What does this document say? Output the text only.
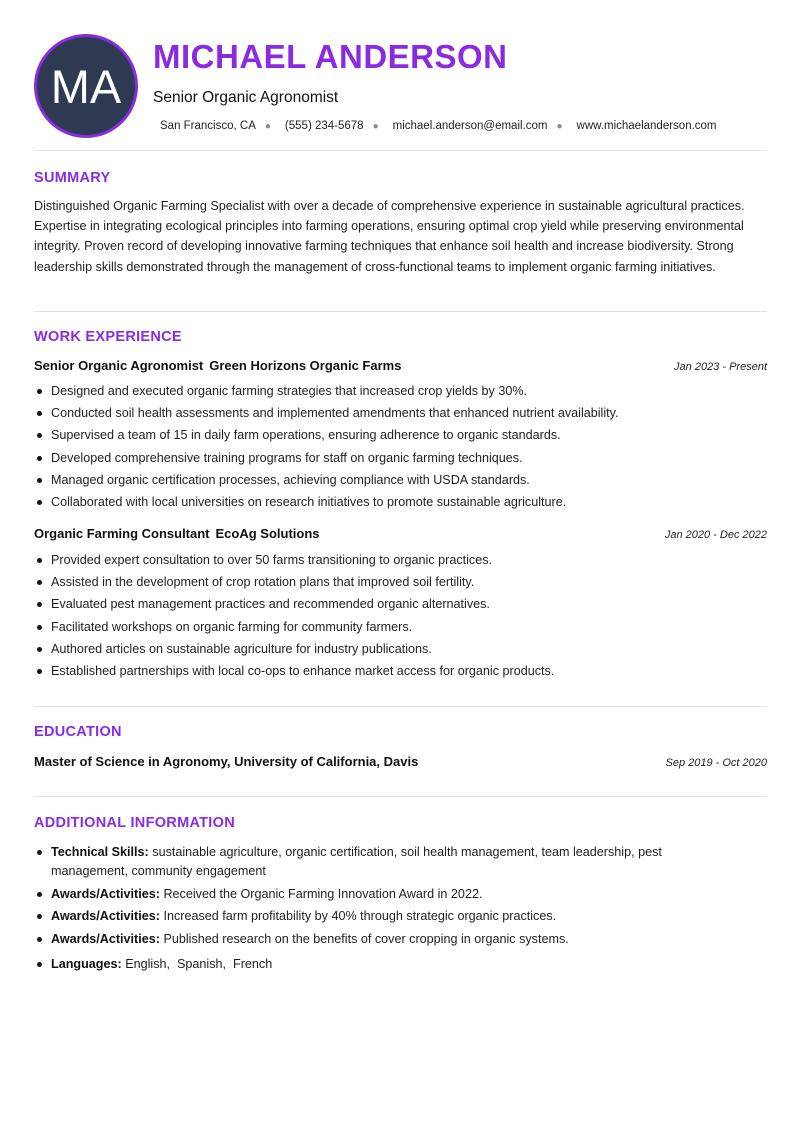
MA
MICHAEL ANDERSON
Senior Organic Agronomist
San Francisco, CA ● (555) 234-5678 ● michael.anderson@email.com ● www.michaelanderson.com
SUMMARY

Distinguished Organic Farming Specialist with over a decade of comprehensive experience in sustainable agricultural practices. Expertise in integrating ecological principles into farming operations, ensuring optimal crop yield while preserving environmental integrity. Proven record of developing innovative farming techniques that enhance soil health and increase biodiversity. Strong leadership skills demonstrated through the management of cross-functional teams to implement organic farming initiatives.

WORK EXPERIENCE
Senior Organic Agronomist Green Horizons Organic Farms	Jan 2023 - Present
Designed and executed organic farming strategies that increased crop yields by 30%.
Conducted soil health assessments and implemented amendments that enhanced nutrient availability.
Supervised a team of 15 in daily farm operations, ensuring adherence to organic standards.
Developed comprehensive training programs for staff on organic farming techniques.
Managed organic certification processes, achieving compliance with USDA standards.
Collaborated with local universities on research initiatives to promote sustainable agriculture.
Organic Farming Consultant EcoAg Solutions	Jan 2020 - Dec 2022
Provided expert consultation to over 50 farms transitioning to organic practices.
Assisted in the development of crop rotation plans that improved soil fertility.
Evaluated pest management practices and recommended organic alternatives.
Facilitated workshops on organic farming for community farmers.
Authored articles on sustainable agriculture for industry publications.
Established partnerships with local co-ops to enhance market access for organic products.
EDUCATION
Master of Science in Agronomy, University of California, Davis	Sep 2019 - Oct 2020
ADDITIONAL INFORMATION
Technical Skills: sustainable agriculture, organic certification, soil health management, team leadership, pest management, community engagement
Awards/Activities: Received the Organic Farming Innovation Award in 2022.
Awards/Activities: Increased farm profitability by 40% through strategic organic practices.
Awards/Activities: Published research on the benefits of cover cropping in organic systems.
Languages: English , Spanish , French
